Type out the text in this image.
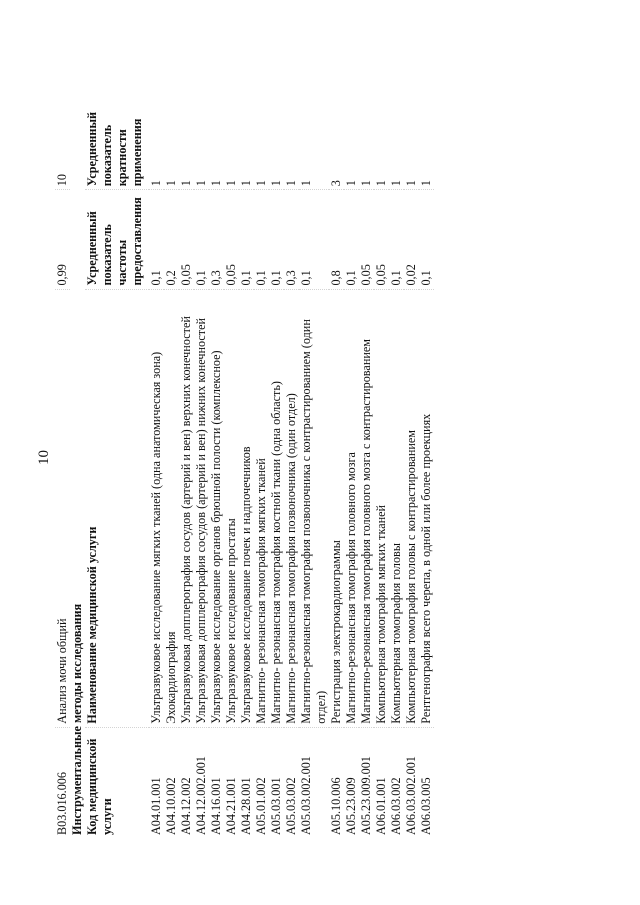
10
B03.016.006	Анализ мочи общий	0,99	10
Инструментальные методы исследования			
Код медицинской услуги	Наименование медицинской услуги	Усредненный показатель частоты предоставления	Усредненный показатель кратности применения
A04.01.001	Ультразвуковое исследование мягких тканей (одна анатомическая зона)	0,1	1
A04.10.002	Эхокардиография	0,2	1
A04.12.002	Ультразвуковая допплерография сосудов (артерий и вен) верхних конечностей	0,05	1
A04.12.002.001	Ультразвуковая допплерография сосудов (артерий и вен) нижних конечностей	0,1	1
A04.16.001	Ультразвуковое исследование органов брюшной полости (комплексное)	0,3	1
A04.21.001	Ультразвуковое исследование простаты	0,05	1
A04.28.001	Ультразвуковое исследование почек и надпочечников	0,1	1
A05.01.002	Магнитно- резонансная томография мягких тканей	0,1	1
A05.03.001	Магнитно- резонансная томография костной ткани (одна область)	0,1	1
A05.03.002	Магнитно- резонансная томография позвоночника (один отдел)	0,3	1
A05.03.002.001	Магнитно-резонансная томография позвоночника с контрастированием (один отдел)	0,1	1
A05.10.006	Регистрация электрокардиограммы	0,8	3
A05.23.009	Магнитно-резонансная томография головного мозга	0,1	1
A05.23.009.001	Магнитно-резонансная томография головного мозга с контрастированием	0,05	1
A06.01.001	Компьютерная томография мягких тканей	0,05	1
A06.03.002	Компьютерная томография головы	0,1	1
A06.03.002.001	Компьютерная томография головы с контрастированием	0,02	1
A06.03.005	Рентгенография всего черепа, в одной или более проекциях	0,1	1
